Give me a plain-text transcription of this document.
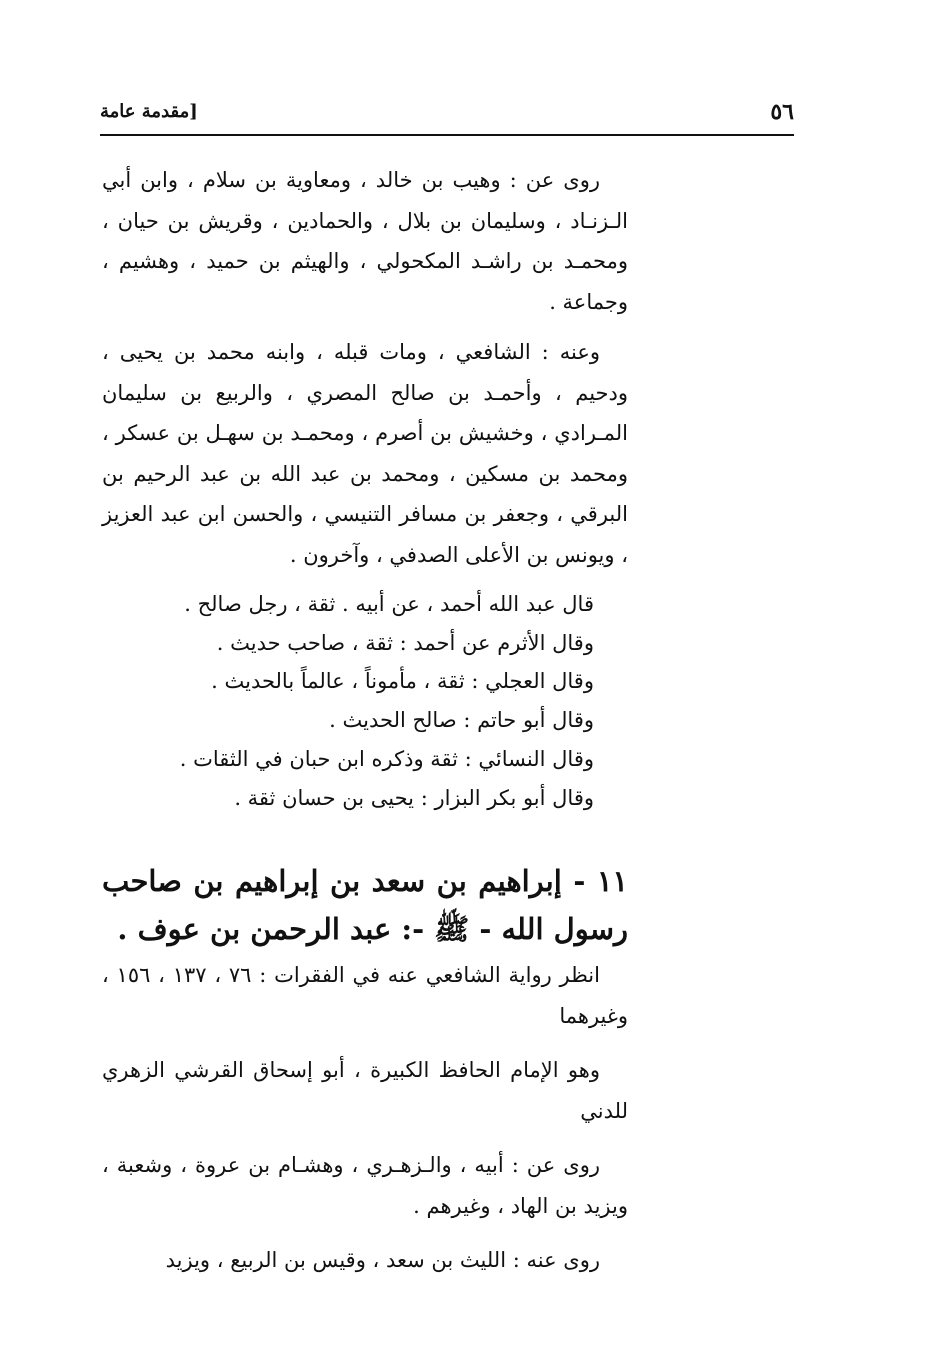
٥٦
[مقدمة عامة

روى عن : وهيب بن خالد ، ومعاوية بن سلام ، وابن أبي الـزنـاد ، وسليمان بن بلال ، والحمادين ، وقريش بن حيان ، ومحمـد بن راشـد المكحولي ، والهيثم بن حميد ، وهشيم ، وجماعة .

وعنه : الشافعي ، ومات قبله ، وابنه محمد بن يحيى ، ودحيم ، وأحمـد بن صالح المصري ، والربيع بن سليمان المـرادي ، وخشيش بن أصرم ، ومحمـد بن سهـل بن عسكر ، ومحمد بن مسكين ، ومحمد بن عبد الله بن عبد الرحيم بن البرقي ، وجعفر بن مسافر التنيسي ، والحسن ابن عبد العزيز ، ويونس بن الأعلى الصدفي ، وآخرون .

قال عبد الله أحمد ، عن أبيه . ثقة ، رجل صالح .
وقال الأثرم عن أحمد : ثقة ، صاحب حديث .
وقال العجلي : ثقة ، مأموناً ، عالماً بالحديث .
وقال أبو حاتم : صالح الحديث .
وقال النسائي : ثقة وذكره ابن حبان في الثقات .
وقال أبو بكر البزار : يحيى بن حسان ثقة .
١١ - إبراهيم بن سعد بن إبراهيم بن صاحب رسول الله - ﷺ -: عبد الرحمن بن عوف .

انظر رواية الشافعي عنه في الفقرات : ٧٦ ، ١٣٧ ، ١٥٦ ، وغيرهما

وهو الإمام الحافظ الكبيرة ، أبو إسحاق القرشي الزهري للدني

روى عن : أبيه ، والـزهـري ، وهشـام بن عروة ، وشعبة ، ويزيد بن الهاد ، وغيرهم .

روى عنه : الليث بن سعد ، وقيس بن الربيع ، ويزيد
